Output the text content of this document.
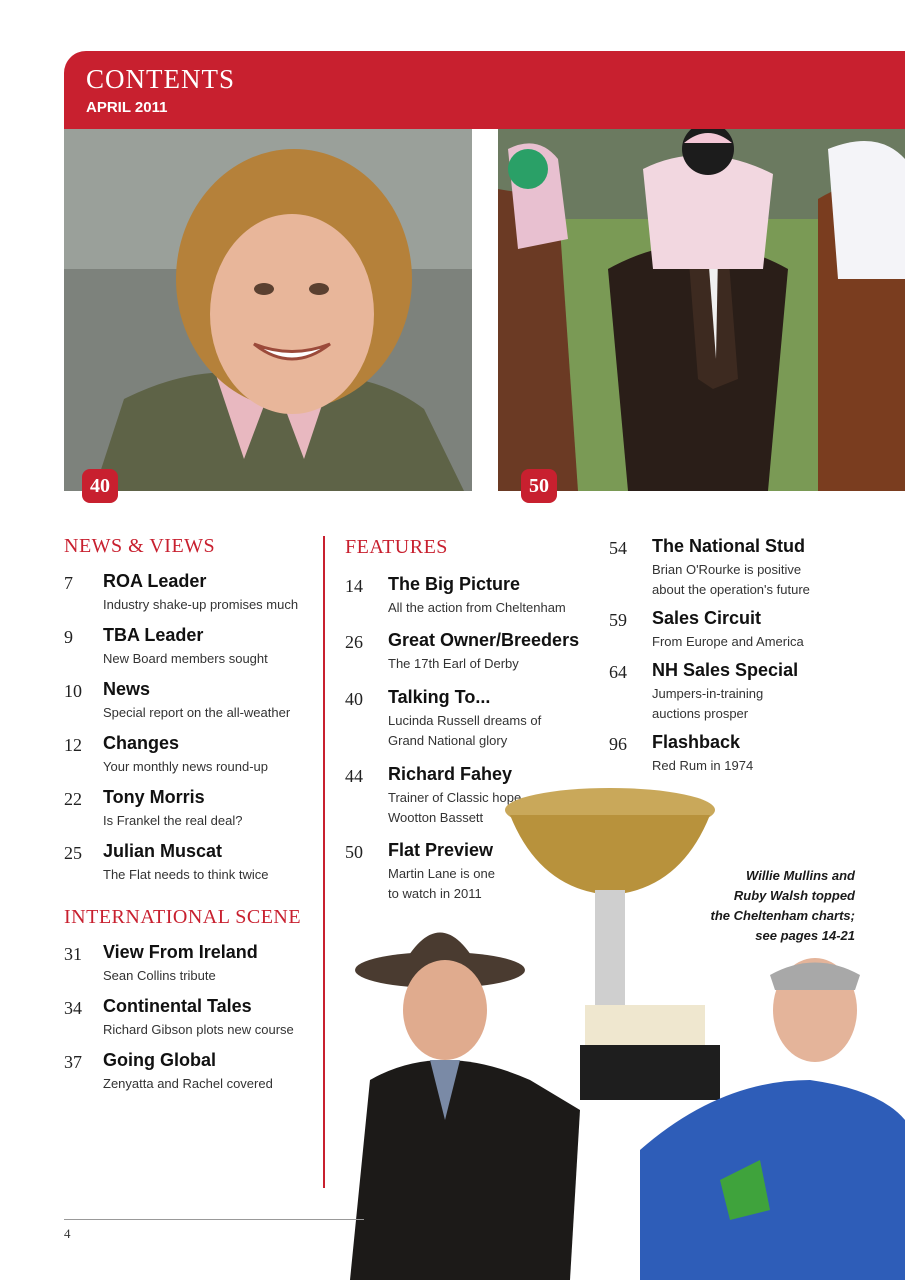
CONTENTS
APRIL 2011
40	50
NEWS & VIEWS
7 ROA Leader
Industry shake-up promises much
9 TBA Leader
New Board members sought
10 News
Special report on the all-weather
12 Changes
Your monthly news round-up
22 Tony Morris
Is Frankel the real deal?
25 Julian Muscat
The Flat needs to think twice
INTERNATIONAL SCENE
31 View From Ireland
Sean Collins tribute
34 Continental Tales
Richard Gibson plots new course
37 Going Global
Zenyatta and Rachel covered
FEATURES
14 The Big Picture
All the action from Cheltenham
26 Great Owner/Breeders
The 17th Earl of Derby
40 Talking To...
Lucinda Russell dreams of
Grand National glory
44 Richard Fahey
Trainer of Classic hope
Wootton Bassett
50 Flat Preview
Martin Lane is one
to watch in 2011
54 The National Stud
Brian O'Rourke is positive
about the operation's future
59 Sales Circuit
From Europe and America
64 NH Sales Special
Jumpers-in-training
auctions prosper
96 Flashback
Red Rum in 1974
Willie Mullins and
Ruby Walsh topped
the Cheltenham charts;
see pages 14-21
4
